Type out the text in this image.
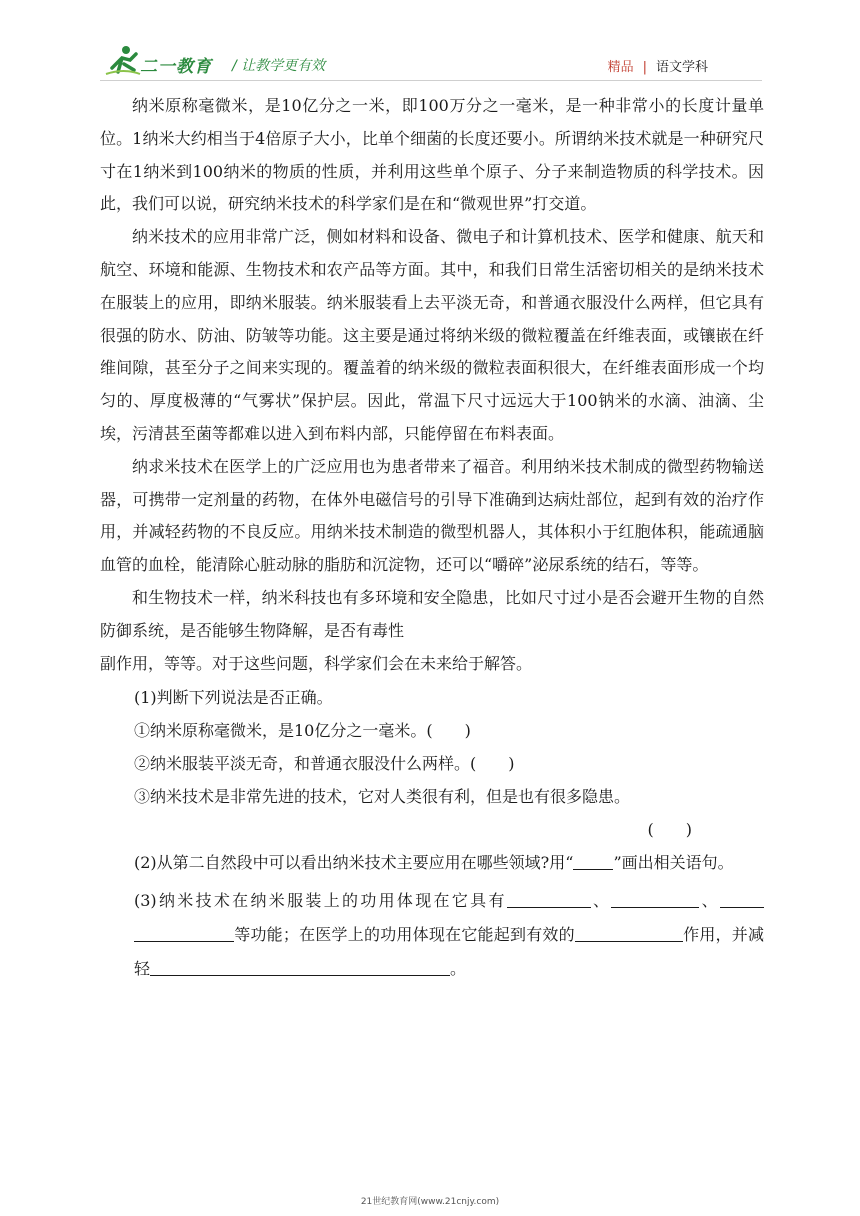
二一教育 / 让教学更有效	精品 | 语文学科

纳米原称毫微米，是10亿分之一米，即100万分之一毫米，是一种非常小的长度计量单位。1纳米大约相当于4倍原子大小，比单个细菌的长度还要小。所谓纳米技术就是一种研究尺寸在1纳米到100纳米的物质的性质，并利用这些单个原子、分子来制造物质的科学技术。因此，我们可以说，研究纳米技术的科学家们是在和“微观世界”打交道。

纳米技术的应用非常广泛，侧如材料和设备、微电子和计算机技术、医学和健康、航天和航空、环境和能源、生物技术和农产品等方面。其中，和我们日常生活密切相关的是纳米技术在服装上的应用，即纳米服装。纳米服装看上去平淡无奇，和普通衣服没什么两样，但它具有很强的防水、防油、防皱等功能。这主要是通过将纳米级的微粒覆盖在纤维表面，或镶嵌在纤维间隙，甚至分子之间来实现的。覆盖着的纳米级的微粒表面积很大，在纤维表面形成一个均匀的、厚度极薄的“气雾状”保护层。因此，常温下尺寸远远大于100钠米的水滴、油滴、尘埃，污清甚至菌等都难以进入到布料内部，只能停留在布料表面。

纳求米技术在医学上的广泛应用也为患者带来了福音。利用纳米技术制成的微型药物输送器，可携带一定剂量的药物，在体外电磁信号的引导下准确到达病灶部位，起到有效的治疗作用，并减轻药物的不良反应。用纳米技术制造的微型机器人，其体积小于红胞体积，能疏通脑血管的血栓，能清除心脏动脉的脂肪和沉淀物，还可以“嚼碎”泌尿系统的结石，等等。

和生物技术一样，纳米科技也有多环境和安全隐患，比如尺寸过小是否会避开生物的自然防御系统，是否能够生物降解，是否有毒性

副作用，等等。对于这些问题，科学家们会在未来给于解答。

(1)判断下列说法是否正确。

①纳米原称毫微米，是10亿分之一毫米。(　　)

②纳米服装平淡无奇，和普通衣服没什么两样。(　　)

③纳米技术是非常先进的技术，它对人类很有利，但是也有很多隐患。

(　　)

(2)从第二自然段中可以看出纳米技术主要应用在哪些领域?用“	”画出相关语句。

(3)纳米技术在纳米服装上的功用体现在它具有	、	、等功能；在医学上的功用体现在它能起到有效的	作用，并减轻	。

21世纪教育网(www.21cnjy.com)
